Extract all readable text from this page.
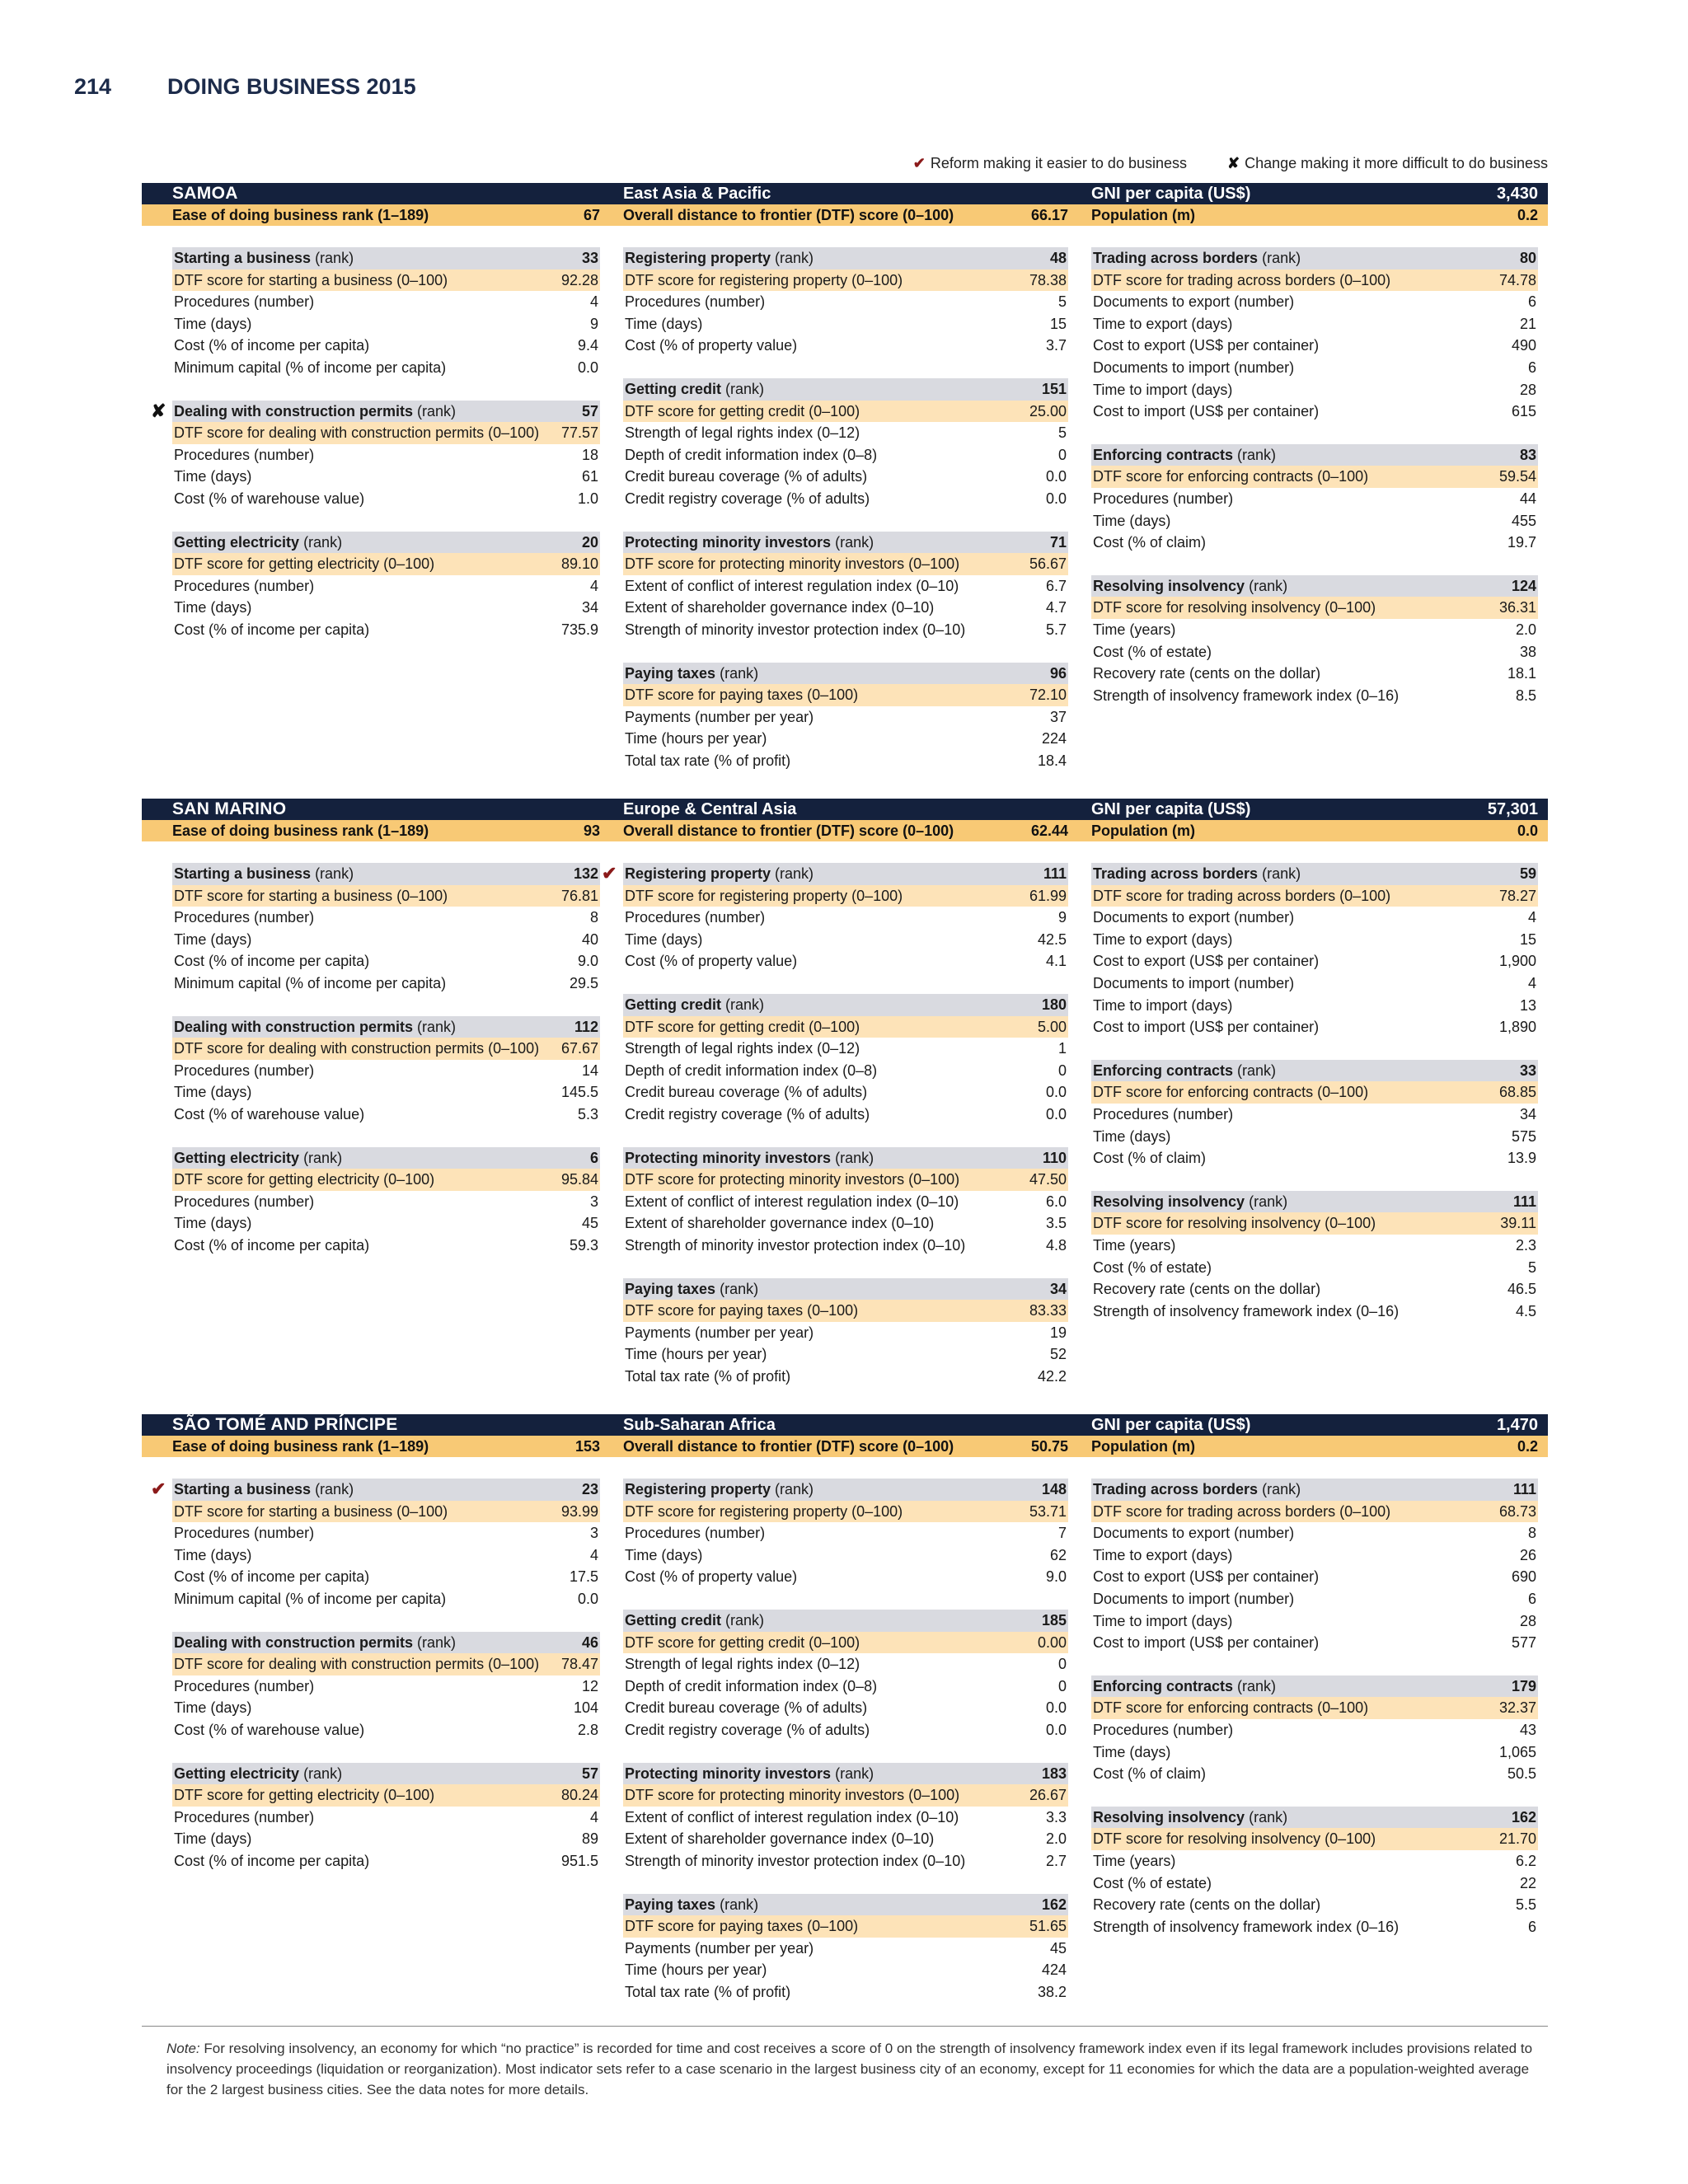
214	DOING BUSINESS 2015
✔ Reform making it easier to do business	✘ Change making it more difficult to do business
SAMOA	East Asia & Pacific	GNI per capita (US$)	3,430
Ease of doing business rank (1–189)	67 Overall distance to frontier (DTF) score (0–100)	66.17 Population (m)	0.2
Starting a business (rank)	33
DTF score for starting a business (0–100)	92.28
Procedures (number)	4
Time (days)	9
Cost (% of income per capita)	9.4
Minimum capital (% of income per capita)	0.0
✘ Dealing with construction permits (rank)	57
DTF score for dealing with construction permits (0–100) 77.57
Procedures (number)	18
Time (days)	61
Cost (% of warehouse value)	1.0
Getting electricity (rank)	20
DTF score for getting electricity (0–100)	89.10
Procedures (number)	4
Time (days)	34
Cost (% of income per capita)	735.9
Registering property (rank)	48
DTF score for registering property (0–100)	78.38
Procedures (number)	5
Time (days)	15
Cost (% of property value)	3.7
Getting credit (rank)	151
DTF score for getting credit (0–100)	25.00
Strength of legal rights index (0–12)	5
Depth of credit information index (0–8)	0
Credit bureau coverage (% of adults)	0.0
Credit registry coverage (% of adults)	0.0
Protecting minority investors (rank)	71
DTF score for protecting minority investors (0–100)	56.67
Extent of conflict of interest regulation index (0–10)	6.7
Extent of shareholder governance index (0–10)	4.7
Strength of minority investor protection index (0–10)	5.7
Paying taxes (rank)	96
DTF score for paying taxes (0–100)	72.10
Payments (number per year)	37
Time (hours per year)	224
Total tax rate (% of profit)	18.4
Trading across borders (rank)	80
DTF score for trading across borders (0–100)	74.78
Documents to export (number)	6
Time to export (days)	21
Cost to export (US$ per container)	490
Documents to import (number)	6
Time to import (days)	28
Cost to import (US$ per container)	615
Enforcing contracts (rank)	83
DTF score for enforcing contracts (0–100)	59.54
Procedures (number)	44
Time (days)	455
Cost (% of claim)	19.7
Resolving insolvency (rank)	124
DTF score for resolving insolvency (0–100)	36.31
Time (years)	2.0
Cost (% of estate)	38
Recovery rate (cents on the dollar)	18.1
Strength of insolvency framework index (0–16)	8.5
SAN MARINO	Europe & Central Asia	GNI per capita (US$)	57,301
Ease of doing business rank (1–189)	93 Overall distance to frontier (DTF) score (0–100)	62.44 Population (m)	0.0
Starting a business (rank)	132
DTF score for starting a business (0–100)	76.81
Procedures (number)	8
Time (days)	40
Cost (% of income per capita)	9.0
Minimum capital (% of income per capita)	29.5
Dealing with construction permits (rank)	112
DTF score for dealing with construction permits (0–100) 67.67
Procedures (number)	14
Time (days)	145.5
Cost (% of warehouse value)	5.3
Getting electricity (rank)	6
DTF score for getting electricity (0–100)	95.84
Procedures (number)	3
Time (days)	45
Cost (% of income per capita)	59.3
✔ Registering property (rank)	111
DTF score for registering property (0–100)	61.99
Procedures (number)	9
Time (days)	42.5
Cost (% of property value)	4.1
Getting credit (rank)	180
DTF score for getting credit (0–100)	5.00
Strength of legal rights index (0–12)	1
Depth of credit information index (0–8)	0
Credit bureau coverage (% of adults)	0.0
Credit registry coverage (% of adults)	0.0
Protecting minority investors (rank)	110
DTF score for protecting minority investors (0–100)	47.50
Extent of conflict of interest regulation index (0–10)	6.0
Extent of shareholder governance index (0–10)	3.5
Strength of minority investor protection index (0–10)	4.8
Paying taxes (rank)	34
DTF score for paying taxes (0–100)	83.33
Payments (number per year)	19
Time (hours per year)	52
Total tax rate (% of profit)	42.2
Trading across borders (rank)	59
DTF score for trading across borders (0–100)	78.27
Documents to export (number)	4
Time to export (days)	15
Cost to export (US$ per container)	1,900
Documents to import (number)	4
Time to import (days)	13
Cost to import (US$ per container)	1,890
Enforcing contracts (rank)	33
DTF score for enforcing contracts (0–100)	68.85
Procedures (number)	34
Time (days)	575
Cost (% of claim)	13.9
Resolving insolvency (rank)	111
DTF score for resolving insolvency (0–100)	39.11
Time (years)	2.3
Cost (% of estate)	5
Recovery rate (cents on the dollar)	46.5
Strength of insolvency framework index (0–16)	4.5
SÃO TOMÉ AND PRÍNCIPE	Sub-Saharan Africa	GNI per capita (US$)	1,470
Ease of doing business rank (1–189)	153 Overall distance to frontier (DTF) score (0–100)	50.75 Population (m)	0.2
✔ Starting a business (rank)	23
DTF score for starting a business (0–100)	93.99
Procedures (number)	3
Time (days)	4
Cost (% of income per capita)	17.5
Minimum capital (% of income per capita)	0.0
Dealing with construction permits (rank)	46
DTF score for dealing with construction permits (0–100) 78.47
Procedures (number)	12
Time (days)	104
Cost (% of warehouse value)	2.8
Getting electricity (rank)	57
DTF score for getting electricity (0–100)	80.24
Procedures (number)	4
Time (days)	89
Cost (% of income per capita)	951.5
Registering property (rank)	148
DTF score for registering property (0–100)	53.71
Procedures (number)	7
Time (days)	62
Cost (% of property value)	9.0
Getting credit (rank)	185
DTF score for getting credit (0–100)	0.00
Strength of legal rights index (0–12)	0
Depth of credit information index (0–8)	0
Credit bureau coverage (% of adults)	0.0
Credit registry coverage (% of adults)	0.0
Protecting minority investors (rank)	183
DTF score for protecting minority investors (0–100)	26.67
Extent of conflict of interest regulation index (0–10)	3.3
Extent of shareholder governance index (0–10)	2.0
Strength of minority investor protection index (0–10)	2.7
Paying taxes (rank)	162
DTF score for paying taxes (0–100)	51.65
Payments (number per year)	45
Time (hours per year)	424
Total tax rate (% of profit)	38.2
Trading across borders (rank)	111
DTF score for trading across borders (0–100)	68.73
Documents to export (number)	8
Time to export (days)	26
Cost to export (US$ per container)	690
Documents to import (number)	6
Time to import (days)	28
Cost to import (US$ per container)	577
Enforcing contracts (rank)	179
DTF score for enforcing contracts (0–100)	32.37
Procedures (number)	43
Time (days)	1,065
Cost (% of claim)	50.5
Resolving insolvency (rank)	162
DTF score for resolving insolvency (0–100)	21.70
Time (years)	6.2
Cost (% of estate)	22
Recovery rate (cents on the dollar)	5.5
Strength of insolvency framework index (0–16)	6
Note: For resolving insolvency, an economy for which “no practice” is recorded for time and cost receives a score of 0 on the strength of insolvency framework index even if its legal framework includes provisions related to insolvency proceedings (liquidation or reorganization). Most indicator sets refer to a case scenario in the largest business city of an economy, except for 11 economies for which the data are a population-weighted average for the 2 largest business cities. See the data notes for more details.
